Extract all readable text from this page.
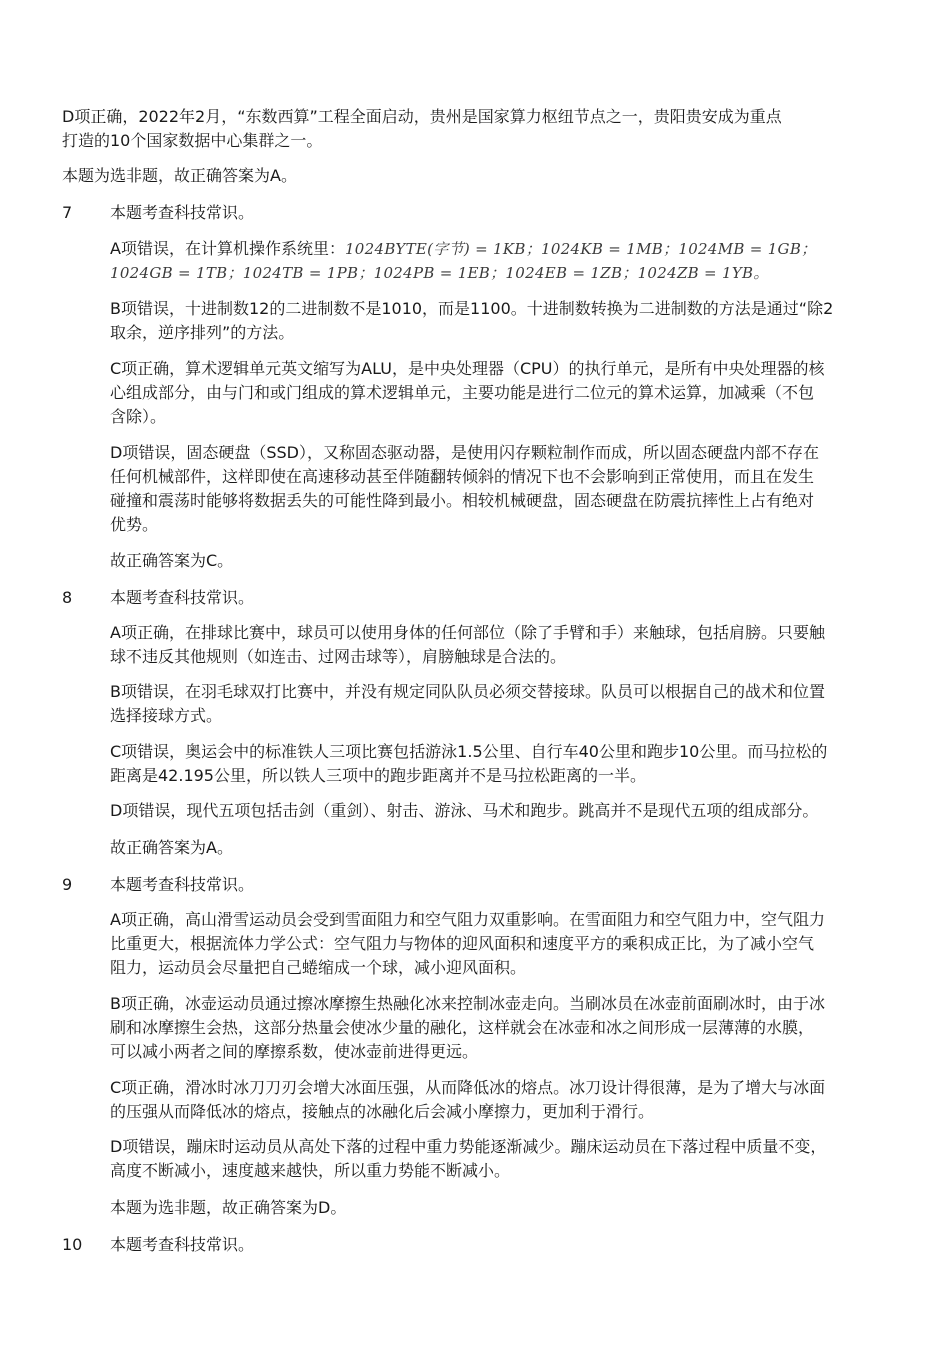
D项正确，2022年2月，“东数西算”工程全面启动，贵州是国家算力枢纽节点之一，贵阳贵安成为重点
打造的10个国家数据中心集群之一。
本题为选非题，故正确答案为A。
7 本题考查科技常识。
A项错误，在计算机操作系统里：1024BYTE(字节) = 1KB；1024KB = 1MB；1024MB = 1GB；
1024GB = 1TB；1024TB = 1PB；1024PB = 1EB；1024EB = 1ZB；1024ZB = 1YB。
B项错误，十进制数12的二进制数不是1010，而是1100。十进制数转换为二进制数的方法是通过“除2
取余，逆序排列”的方法。
C项正确，算术逻辑单元英文缩写为ALU，是中央处理器（CPU）的执行单元，是所有中央处理器的核
心组成部分，由与门和或门组成的算术逻辑单元，主要功能是进行二位元的算术运算，加减乘（不包
含除）。
D项错误，固态硬盘（SSD），又称固态驱动器，是使用闪存颗粒制作而成，所以固态硬盘内部不存在
任何机械部件，这样即使在高速移动甚至伴随翻转倾斜的情况下也不会影响到正常使用，而且在发生
碰撞和震荡时能够将数据丢失的可能性降到最小。相较机械硬盘，固态硬盘在防震抗摔性上占有绝对
优势。
故正确答案为C。
8 本题考查科技常识。
A项正确，在排球比赛中，球员可以使用身体的任何部位（除了手臂和手）来触球，包括肩膀。只要触
球不违反其他规则（如连击、过网击球等），肩膀触球是合法的。
B项错误，在羽毛球双打比赛中，并没有规定同队队员必须交替接球。队员可以根据自己的战术和位置
选择接球方式。
C项错误，奥运会中的标准铁人三项比赛包括游泳1.5公里、自行车40公里和跑步10公里。而马拉松的
距离是42.195公里，所以铁人三项中的跑步距离并不是马拉松距离的一半。
D项错误，现代五项包括击剑（重剑）、射击、游泳、马术和跑步。跳高并不是现代五项的组成部分。
故正确答案为A。
9 本题考查科技常识。
A项正确，高山滑雪运动员会受到雪面阻力和空气阻力双重影响。在雪面阻力和空气阻力中，空气阻力
比重更大，根据流体力学公式：空气阻力与物体的迎风面积和速度平方的乘积成正比，为了减小空气
阻力，运动员会尽量把自己蜷缩成一个球，减小迎风面积。
B项正确，冰壶运动员通过擦冰摩擦生热融化冰来控制冰壶走向。当刷冰员在冰壶前面刷冰时，由于冰
刷和冰摩擦生会热，这部分热量会使冰少量的融化，这样就会在冰壶和冰之间形成一层薄薄的水膜，
可以减小两者之间的摩擦系数，使冰壶前进得更远。
C项正确，滑冰时冰刀刀刃会增大冰面压强，从而降低冰的熔点。冰刀设计得很薄，是为了增大与冰面
的压强从而降低冰的熔点，接触点的冰融化后会减小摩擦力，更加利于滑行。
D项错误，蹦床时运动员从高处下落的过程中重力势能逐渐减少。蹦床运动员在下落过程中质量不变，
高度不断减小，速度越来越快，所以重力势能不断减小。
本题为选非题，故正确答案为D。
10 本题考查科技常识。
